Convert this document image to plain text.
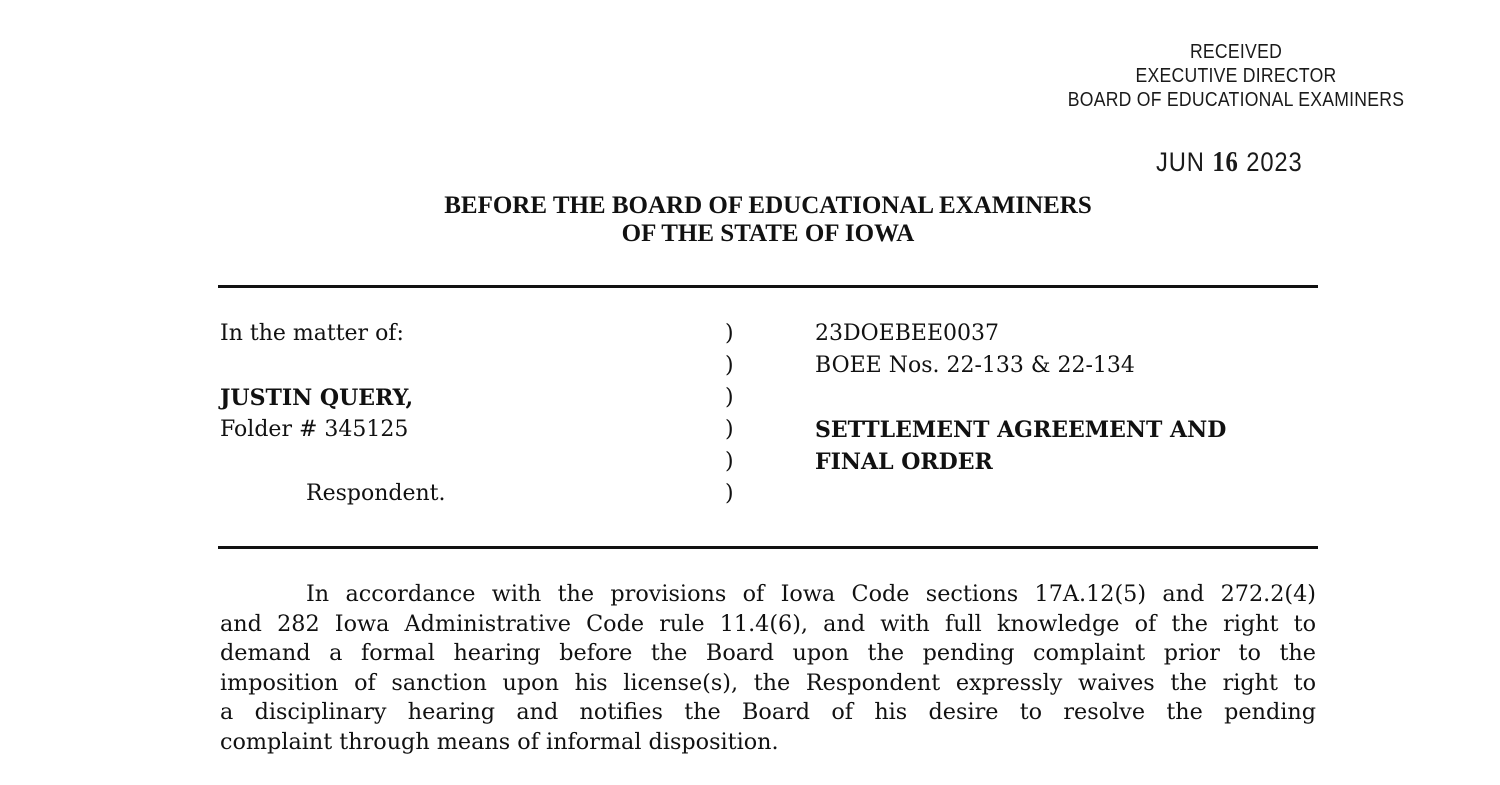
RECEIVED
EXECUTIVE DIRECTOR
BOARD OF EDUCATIONAL EXAMINERS
JUN 16 2023
BEFORE THE BOARD OF EDUCATIONAL EXAMINERS
OF THE STATE OF IOWA
In the matter of:
JUSTIN QUERY,
Folder # 345125
Respondent.
)
)
)
)
)
)
23DOEBEE0037
BOEE Nos. 22-133 & 22-134
SETTLEMENT AGREEMENT AND
FINAL ORDER
In accordance with the provisions of Iowa Code sections 17A.12(5) and 272.2(4)
and 282 Iowa Administrative Code rule 11.4(6), and with full knowledge of the right to
demand a formal hearing before the Board upon the pending complaint prior to the
imposition of sanction upon his license(s), the Respondent expressly waives the right to
a disciplinary hearing and notifies the Board of his desire to resolve the pending
complaint through means of informal disposition.
